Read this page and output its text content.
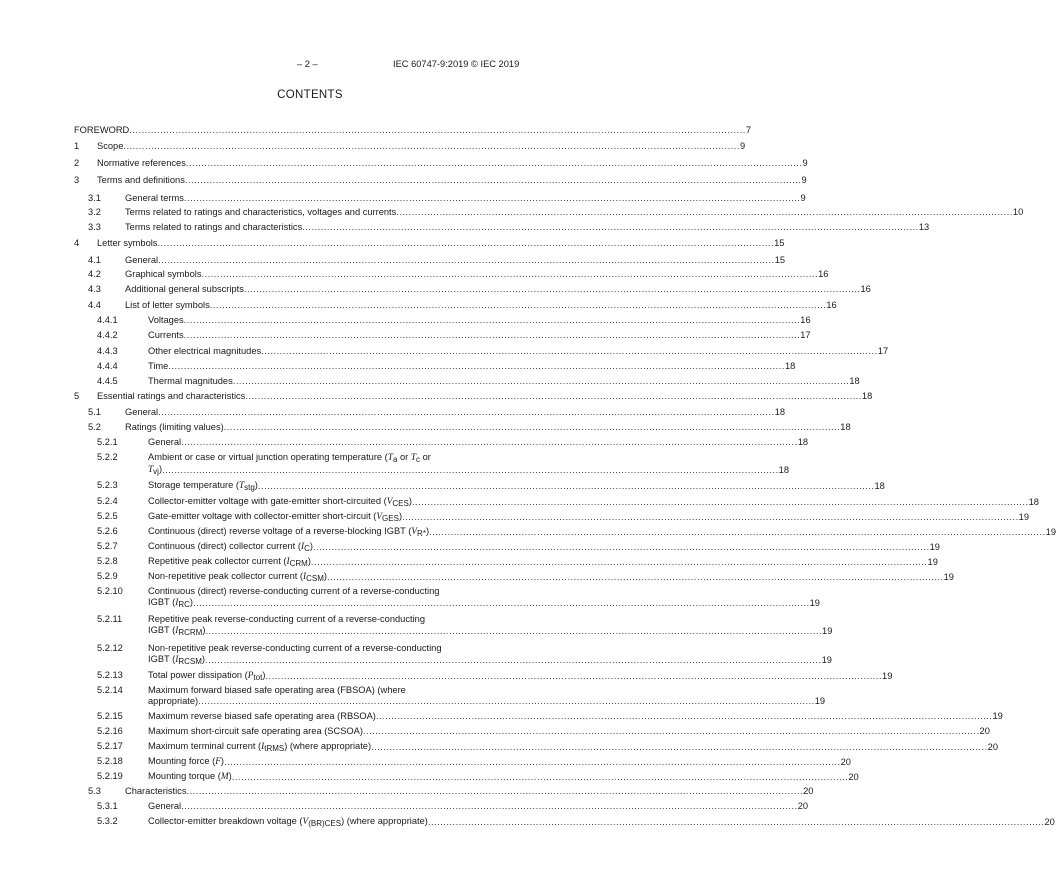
– 2 –	IEC 60747-9:2019 © IEC 2019
CONTENTS
FOREWORD ........................................................................................................................................................................................................ 7
1 Scope ........................................................................................................................................................................................................ 9
2 Normative references ........................................................................................................................................................................................................ 9
3 Terms and definitions ........................................................................................................................................................................................................ 9
3.1	General terms ........................................................................................................................................................................................................ 9
3.2	Terms related to ratings and characteristics, voltages and currents ........................................................................................................................................................................................................ 10
3.3	Terms related to ratings and characteristics ........................................................................................................................................................................................................ 13
4 Letter symbols ........................................................................................................................................................................................................ 15
4.1	General ........................................................................................................................................................................................................ 15
4.2	Graphical symbols ........................................................................................................................................................................................................ 16
4.3	Additional general subscripts ........................................................................................................................................................................................................ 16
4.4	List of letter symbols ........................................................................................................................................................................................................ 16
4.4.1	Voltages ........................................................................................................................................................................................................ 16
4.4.2	Currents ........................................................................................................................................................................................................ 17
4.4.3	Other electrical magnitudes ........................................................................................................................................................................................................ 17
4.4.4	Time ........................................................................................................................................................................................................ 18
4.4.5	Thermal magnitudes ........................................................................................................................................................................................................ 18
5 Essential ratings and characteristics ........................................................................................................................................................................................................ 18
5.1	General ........................................................................................................................................................................................................ 18
5.2	Ratings (limiting values) ........................................................................................................................................................................................................ 18
5.2.1	General ........................................................................................................................................................................................................ 18
5.2.2	Ambient or case or virtual junction operating temperature ($T_a$ or $T_c$ or
$T_{vj}$) ........................................................................................................................................................................................................ 18
5.2.3	Storage temperature $(T_{stg})$ ........................................................................................................................................................................................................ 18
5.2.4	Collector-emitter voltage with gate-emitter short-circuited $(V_{CES})$ ........................................................................................................................................................................................................ 18
5.2.5	Gate-emitter voltage with collector-emitter short-circuit $(V_{GES})$ ........................................................................................................................................................................................................ 19
5.2.6	Continuous (direct) reverse voltage of a reverse-blocking IGBT $(V_{R*})$ ........................................................................................................................................................................................................ 19
5.2.7	Continuous (direct) collector current $(I_C)$ ........................................................................................................................................................................................................ 19
5.2.8	Repetitive peak collector current $(I_{CRM})$ ........................................................................................................................................................................................................ 19
5.2.9	Non-repetitive peak collector current $(I_{CSM})$ ........................................................................................................................................................................................................ 19
5.2.10	Continuous (direct) reverse-conducting current of a reverse-conducting
IGBT $(I_{RC})$ ........................................................................................................................................................................................................ 19
5.2.11	Repetitive peak reverse-conducting current of a reverse-conducting
IGBT $(I_{RCRM})$ ........................................................................................................................................................................................................ 19
5.2.12	Non-repetitive peak reverse-conducting current of a reverse-conducting
IGBT $(I_{RCSM})$ ........................................................................................................................................................................................................ 19
5.2.13	Total power dissipation $(P_{tot})$ ........................................................................................................................................................................................................ 19
5.2.14	Maximum forward biased safe operating area (FBSOA) (where
appropriate) ........................................................................................................................................................................................................ 19
5.2.15	Maximum reverse biased safe operating area (RBSOA) ........................................................................................................................................................................................................ 19
5.2.16	Maximum short-circuit safe operating area (SCSOA) ........................................................................................................................................................................................................ 20
5.2.17	Maximum terminal current $(I_{tRMS})$ (where appropriate) ........................................................................................................................................................................................................ 20
5.2.18	Mounting force (F) ........................................................................................................................................................................................................ 20
5.2.19	Mounting torque (M) ........................................................................................................................................................................................................ 20
5.3	Characteristics ........................................................................................................................................................................................................ 20
5.3.1	General ........................................................................................................................................................................................................ 20
5.3.2	Collector-emitter breakdown voltage $(V_{(BR)CES})$ (where appropriate) ........................................................................................................................................................................................................ 20
